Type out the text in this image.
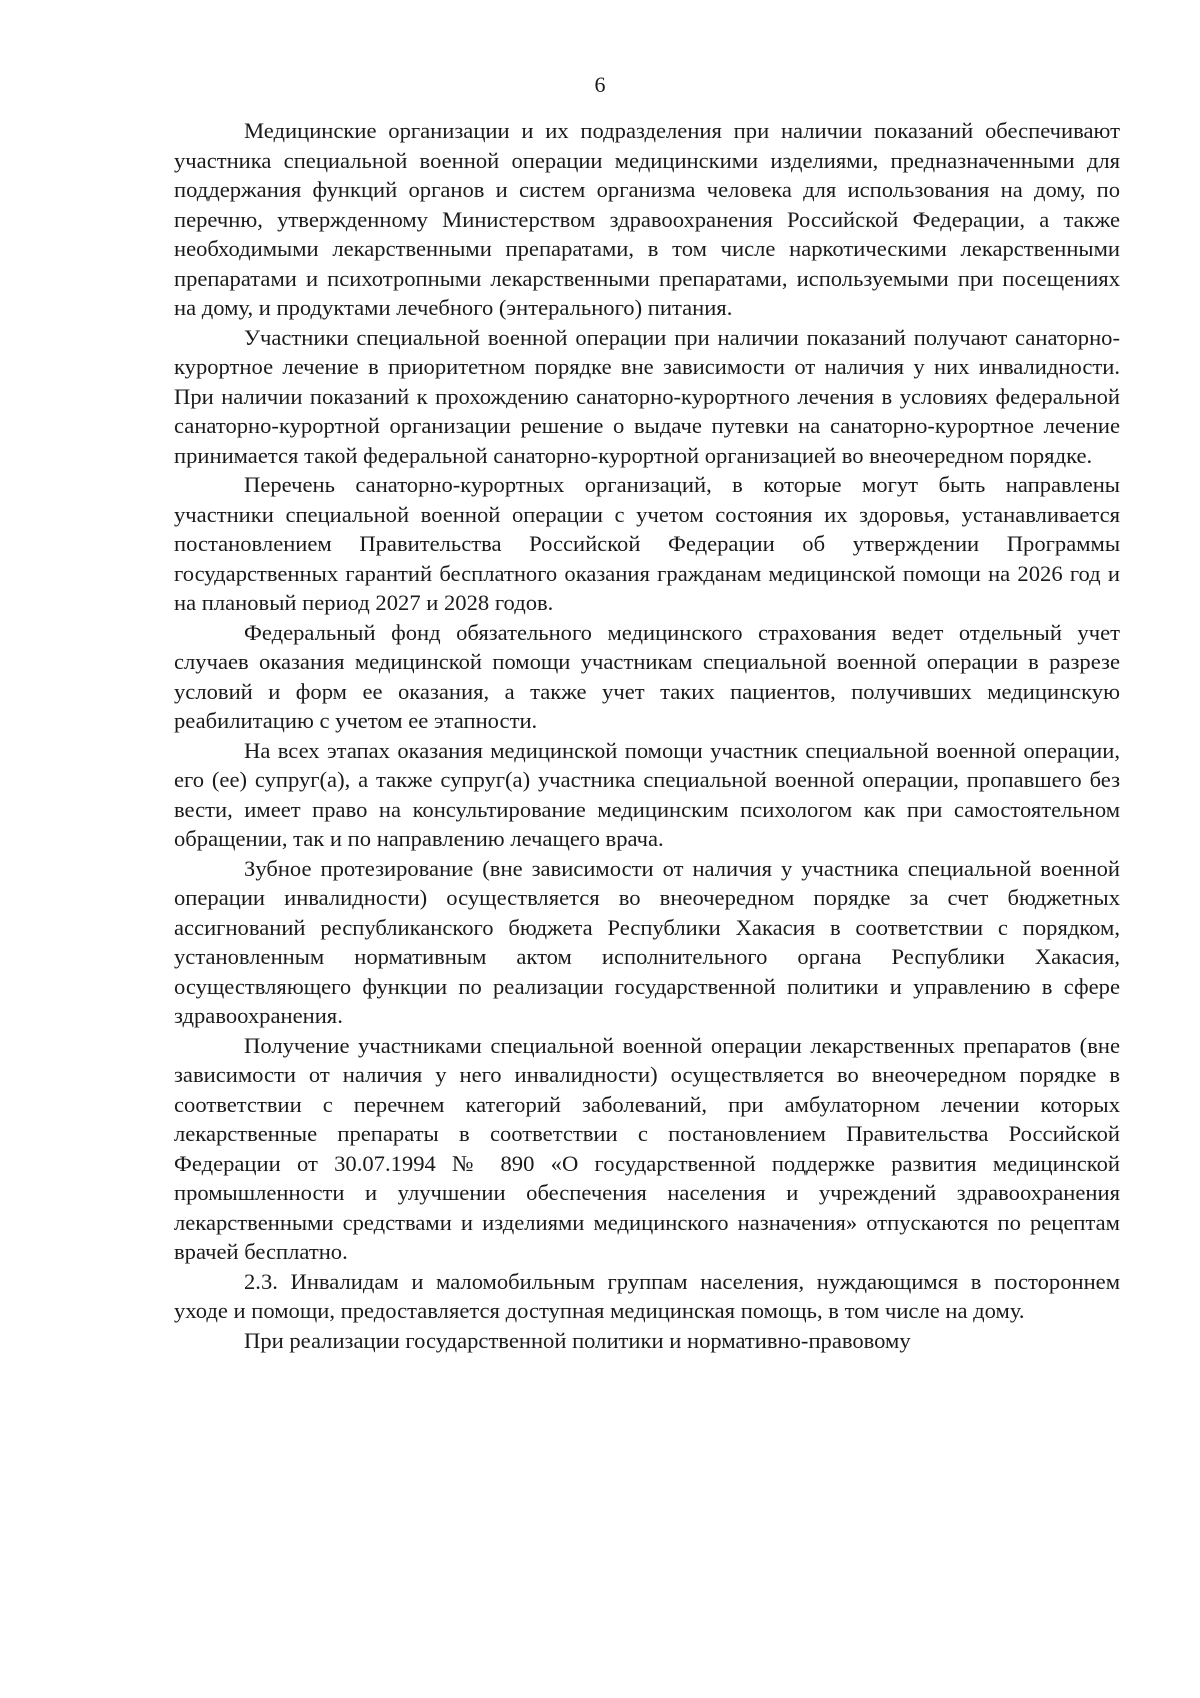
6

Медицинские организации и их подразделения при наличии показаний обеспечивают участника специальной военной операции медицинскими изделиями, предназначенными для поддержания функций органов и систем организма человека для использования на дому, по перечню, утвержденному Министерством здравоохранения Российской Федерации, а также необходимыми лекарственными препаратами, в том числе наркотическими лекарственными препаратами и психотропными лекарственными препаратами, используемыми при посещениях на дому, и продуктами лечебного (энтерального) питания.

Участники специальной военной операции при наличии показаний получают санаторно-курортное лечение в приоритетном порядке вне зависимости от наличия у них инвалидности. При наличии показаний к прохождению санаторно-курортного лечения в условиях федеральной санаторно-курортной организации решение о выдаче путевки на санаторно-курортное лечение принимается такой федеральной санаторно-курортной организацией во внеочередном порядке.

Перечень санаторно-курортных организаций, в которые могут быть направлены участники специальной военной операции с учетом состояния их здоровья, устанавливается постановлением Правительства Российской Федерации об утверждении Программы государственных гарантий бесплатного оказания гражданам медицинской помощи на 2026 год и на плановый период 2027 и 2028 годов.

Федеральный фонд обязательного медицинского страхования ведет отдельный учет случаев оказания медицинской помощи участникам специальной военной операции в разрезе условий и форм ее оказания, а также учет таких пациентов, получивших медицинскую реабилитацию с учетом ее этапности.

На всех этапах оказания медицинской помощи участник специальной военной операции, его (ее) супруг(а), а также супруг(а) участника специальной военной операции, пропавшего без вести, имеет право на консультирование медицинским психологом как при самостоятельном обращении, так и по направлению лечащего врача.

Зубное протезирование (вне зависимости от наличия у участника специальной военной операции инвалидности) осуществляется во внеочередном порядке за счет бюджетных ассигнований республиканского бюджета Республики Хакасия в соответствии с порядком, установленным нормативным актом исполнительного органа Республики Хакасия, осуществляющего функции по реализации государственной политики и управлению в сфере здравоохранения.

Получение участниками специальной военной операции лекарственных препаратов (вне зависимости от наличия у него инвалидности) осуществляется во внеочередном порядке в соответствии с перечнем категорий заболеваний, при амбулаторном лечении которых лекарственные препараты в соответствии с постановлением Правительства Российской Федерации от 30.07.1994 № 890 «О государственной поддержке развития медицинской промышленности и улучшении обеспечения населения и учреждений здравоохранения лекарственными средствами и изделиями медицинского назначения» отпускаются по рецептам врачей бесплатно.

2.3. Инвалидам и маломобильным группам населения, нуждающимся в постороннем уходе и помощи, предоставляется доступная медицинская помощь, в том числе на дому.

При реализации государственной политики и нормативно-правовому
